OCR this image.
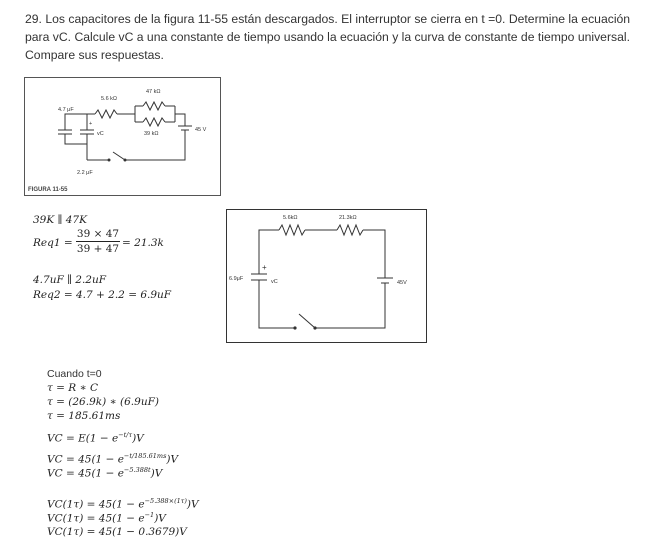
29. Los capacitores de la figura 11-55 están descargados. El interruptor se cierra en t =0. Determine la ecuación para vC. Calcule vC a una constante de tiempo usando la ecuación y la curva de constante de tiempo universal. Compare sus respuestas.
5.6 kΩ
47 kΩ
39 kΩ
4.7 μF
2.2 μF
vC
+
45 V
FIGURA 11-55
39K ∥ 47K
Req1 =
39 × 47
39 + 47 = 21.3k
4.7uF ∥ 2.2uF
Req2 = 4.7 + 2.2 = 6.9uF
5.6kΩ	21.3kΩ
6.9μF	vC
+
45V
Cuando t=0
τ = R ∗ C
τ = (26.9k) ∗ (6.9uF)
τ = 185.61ms
VC = $E(1 - e^{-t/\tau})V$
VC = $45(1 - e^{-t/185.61ms})V$
VC = $45(1 - e^{-5.388t})V$
$VC(1\tau) = 45(1 - e^{-5.388\times(1\tau)})V$
$VC(1\tau) = 45(1 - e^{-1})V$
VC(1τ) = 45(1 − 0.3679)V
